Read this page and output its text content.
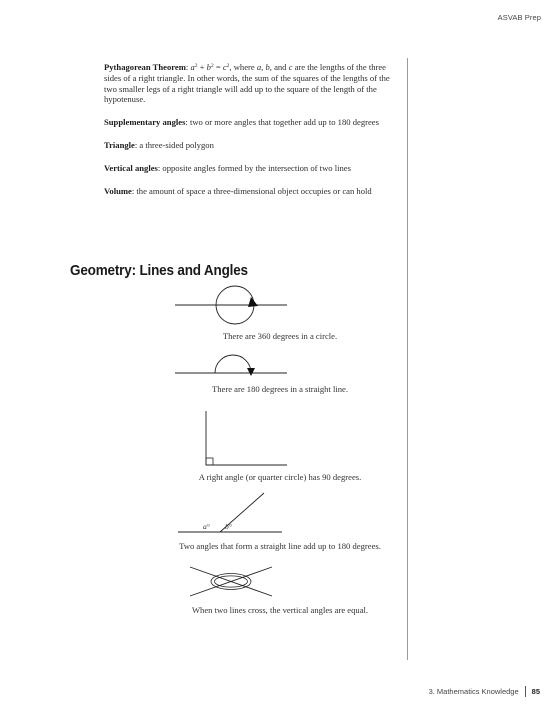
ASVAB Prep

Pythagorean Theorem: $a^2 + b^2 = c^2$, where a, b, and c are the lengths of the three sides of a right triangle. In other words, the sum of the squares of the lengths of the two smaller legs of a right triangle will add up to the square of the length of the hypotenuse.

Supplementary angles: two or more angles that together add up to 180 degrees

Triangle: a three-sided polygon

Vertical angles: opposite angles formed by the intersection of two lines

Volume: the amount of space a three-dimensional object occupies or can hold

Geometry: Lines and Angles
There are 360 degrees in a circle.
There are 180 degrees in a straight line.
A right angle (or quarter circle) has 90 degrees.
a° b°
Two angles that form a straight line add up to 180 degrees.
When two lines cross, the vertical angles are equal.
3. Mathematics Knowledge 85
